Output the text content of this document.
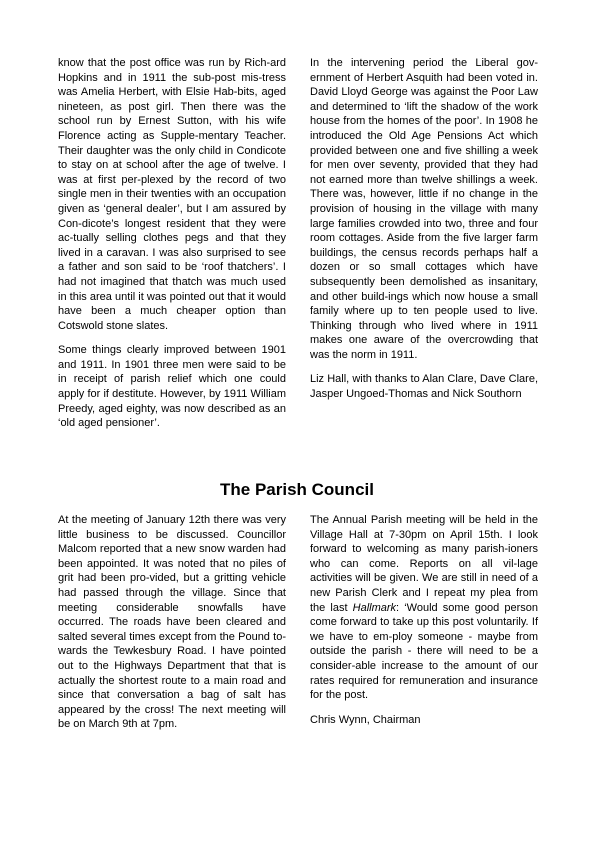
know that the post office was run by Rich-ard Hopkins and in 1911 the sub-post mis-tress was Amelia Herbert, with Elsie Hab-bits, aged nineteen, as post girl. Then there was the school run by Ernest Sutton, with his wife Florence acting as Supple-mentary Teacher. Their daughter was the only child in Condicote to stay on at school after the age of twelve. I was at first per-plexed by the record of two single men in their twenties with an occupation given as ‘general dealer’, but I am assured by Con-dicote’s longest resident that they were ac-tually selling clothes pegs and that they lived in a caravan. I was also surprised to see a father and son said to be ‘roof thatchers’. I had not imagined that thatch was much used in this area until it was pointed out that it would have been a much cheaper option than Cotswold stone slates.

Some things clearly improved between 1901 and 1911. In 1901 three men were said to be in receipt of parish relief which one could apply for if destitute. However, by 1911 William Preedy, aged eighty, was now described as an ‘old aged pensioner’.

In the intervening period the Liberal gov-ernment of Herbert Asquith had been voted in. David Lloyd George was against the Poor Law and determined to ‘lift the shadow of the work house from the homes of the poor’. In 1908 he introduced the Old Age Pensions Act which provided between one and five shilling a week for men over seventy, provided that they had not earned more than twelve shillings a week. There was, however, little if no change in the provision of housing in the village with many large families crowded into two, three and four room cottages. Aside from the five larger farm buildings, the census records perhaps half a dozen or so small cottages which have subsequently been demolished as insanitary, and other build-ings which now house a small family where up to ten people used to live. Thinking through who lived where in 1911 makes one aware of the overcrowding that was the norm in 1911.

Liz Hall, with thanks to Alan Clare, Dave Clare, Jasper Ungoed-Thomas and Nick Southorn

The Parish Council

At the meeting of January 12th there was very little business to be discussed. Councillor Malcom reported that a new snow warden had been appointed. It was noted that no piles of grit had been pro-vided, but a gritting vehicle had passed through the village. Since that meeting considerable snowfalls have occurred. The roads have been cleared and salted several times except from the Pound to-wards the Tewkesbury Road. I have pointed out to the Highways Department that that is actually the shortest route to a main road and since that conversation a bag of salt has appeared by the cross! The next meeting will be on March 9th at 7pm.

The Annual Parish meeting will be held in the Village Hall at 7-30pm on April 15th. I look forward to welcoming as many parish-ioners who can come. Reports on all vil-lage activities will be given. We are still in need of a new Parish Clerk and I repeat my plea from the last Hallmark: ‘Would some good person come forward to take up this post voluntarily. If we have to em-ploy someone - maybe from outside the parish - there will need to be a consider-able increase to the amount of our rates required for remuneration and insurance for the post.

Chris Wynn, Chairman
